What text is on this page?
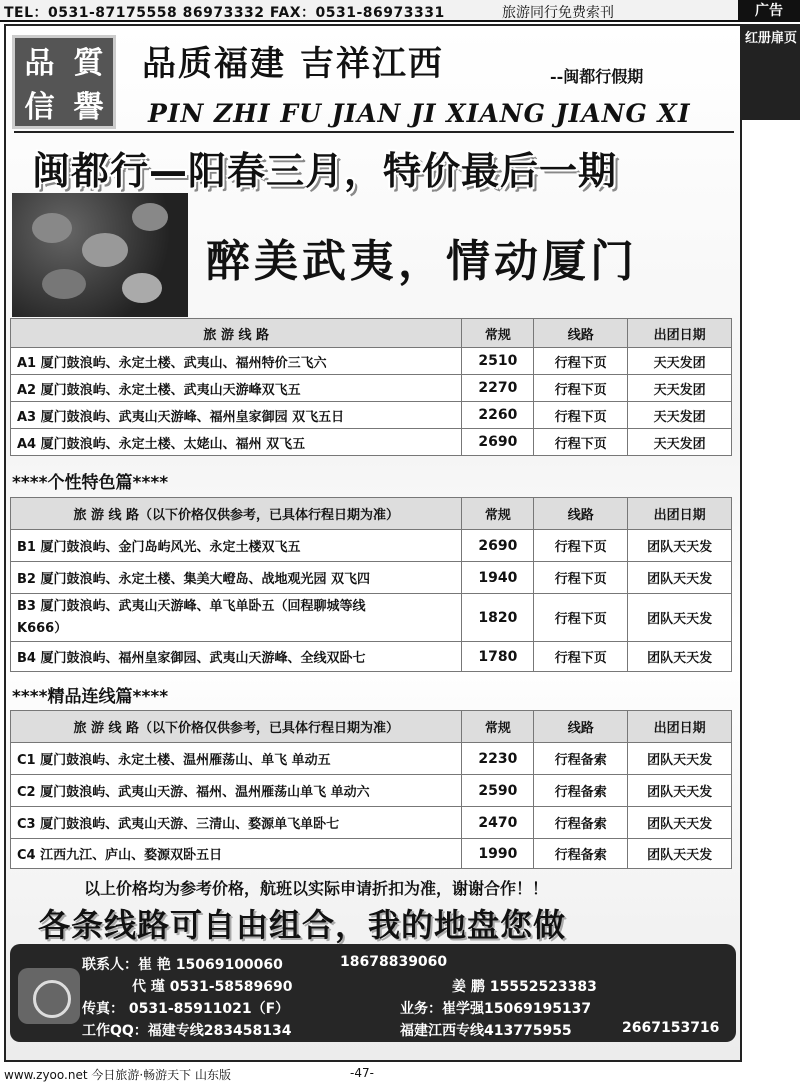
TEL：0531-87175558 86973332 FAX：0531-86973331	旅游同行免费索刊	广告
红册扉页
品 質
信 譽
品质福建 吉祥江西	--闽都行假期
PIN ZHI FU JIAN JI XIANG JIANG XI
闽都行—阳春三月，特价最后一期
醉美武夷，情动厦门
旅 游 线 路	常规	线路	出团日期
A1 厦门鼓浪屿、永定土楼、武夷山、福州特价三飞六	2510	行程下页	天天发团
A2 厦门鼓浪屿、永定土楼、武夷山天游峰双飞五	2270	行程下页	天天发团
A3 厦门鼓浪屿、武夷山天游峰、福州皇家御园 双飞五日	2260	行程下页	天天发团
A4 厦门鼓浪屿、永定土楼、太姥山、福州 双飞五	2690	行程下页	天天发团
****个性特色篇****
旅 游 线 路（以下价格仅供参考，已具体行程日期为准）	常规	线路	出团日期
B1 厦门鼓浪屿、金门岛屿风光、永定土楼双飞五	2690	行程下页	团队天天发
B2 厦门鼓浪屿、永定土楼、集美大嶝岛、战地观光园 双飞四	1940	行程下页	团队天天发
B3 厦门鼓浪屿、武夷山天游峰、单飞单卧五（回程聊城等线
K666）	1820	行程下页	团队天天发
B4 厦门鼓浪屿、福州皇家御园、武夷山天游峰、全线双卧七	1780	行程下页	团队天天发
****精品连线篇****
旅 游 线 路（以下价格仅供参考，已具体行程日期为准）	常规	线路	出团日期
C1 厦门鼓浪屿、永定土楼、温州雁荡山、单飞 单动五	2230	行程备索	团队天天发
C2 厦门鼓浪屿、武夷山天游、福州、温州雁荡山单飞 单动六	2590	行程备索	团队天天发
C3 厦门鼓浪屿、武夷山天游、三清山、婺源单飞单卧七	2470	行程备索	团队天天发
C4 江西九江、庐山、婺源双卧五日	1990	行程备索	团队天天发
以上价格均为参考价格，航班以实际申请折扣为准，谢谢合作！！
各条线路可自由组合，我的地盘您做
联系人：崔 艳 15069100060	18678839060
代 瑾 0531-58589690	姜 鹏 15552523383
传真： 0531-85911021（F）	业务：崔学强15069195137
工作QQ：福建专线283458134	福建江西专线413775955	2667153716
www.zyoo.net 今日旅游·畅游天下 山东版	-47-
